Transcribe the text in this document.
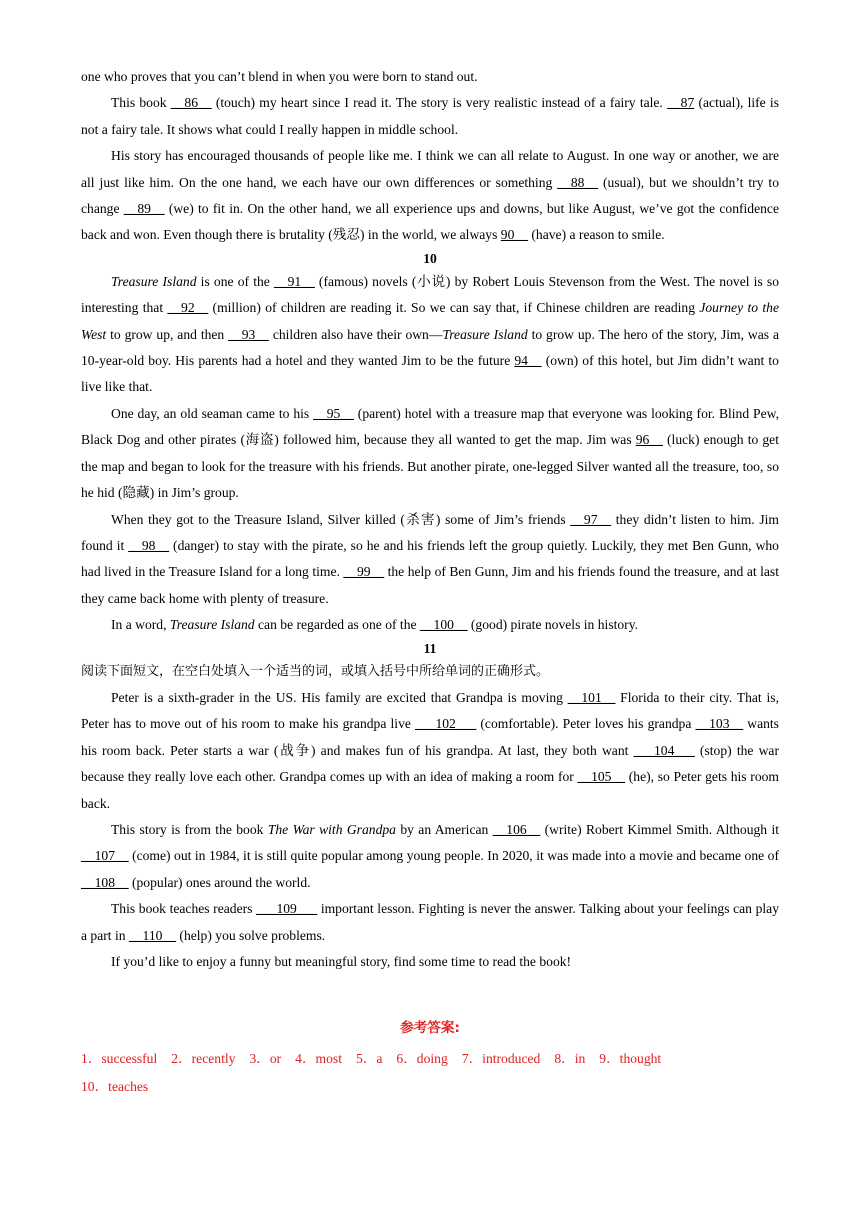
one who proves that you can’t blend in when you were born to stand out.

This book __86__ (touch) my heart since I read it. The story is very realistic instead of a fairy tale. __87 (actual), life is not a fairy tale. It shows what could I really happen in middle school.

His story has encouraged thousands of people like me. I think we can all relate to August. In one way or another, we are all just like him. On the one hand, we each have our own differences or something __88__ (usual), but we shouldn’t try to change __89__ (we) to fit in. On the other hand, we all experience ups and downs, but like August, we’ve got the confidence back and won. Even though there is brutality (残忍) in the world, we always 90__ (have) a reason to smile.

10

Treasure Island is one of the __91__ (famous) novels (小说) by Robert Louis Stevenson from the West. The novel is so interesting that __92__ (million) of children are reading it. So we can say that, if Chinese children are reading Journey to the West to grow up, and then __93__ children also have their own—Treasure Island to grow up. The hero of the story, Jim, was a 10-year-old boy. His parents had a hotel and they wanted Jim to be the future 94__ (own) of this hotel, but Jim didn’t want to live like that.

One day, an old seaman came to his __95__ (parent) hotel with a treasure map that everyone was looking for. Blind Pew, Black Dog and other pirates (海盗) followed him, because they all wanted to get the map. Jim was 96__ (luck) enough to get the map and began to look for the treasure with his friends. But another pirate, one-legged Silver wanted all the treasure, too, so he hid (隐藏) in Jim’s group.

When they got to the Treasure Island, Silver killed (杀害) some of Jim’s friends __97__ they didn’t listen to him. Jim found it __98__ (danger) to stay with the pirate, so he and his friends left the group quietly. Luckily, they met Ben Gunn, who had lived in the Treasure Island for a long time. __99__ the help of Ben Gunn, Jim and his friends found the treasure, and at last they came back home with plenty of treasure.

In a word, Treasure Island can be regarded as one of the __100__ (good) pirate novels in history.

11

阅读下面短文，在空白处填入一个适当的词，或填入括号中所给单词的正确形式。

Peter is a sixth-grader in the US. His family are excited that Grandpa is moving __101__ Florida to their city. That is, Peter has to move out of his room to make his grandpa live ___102___ (comfortable). Peter loves his grandpa __103__ wants his room back. Peter starts a war (战争) and makes fun of his grandpa. At last, they both want ___104___ (stop) the war because they really love each other. Grandpa comes up with an idea of making a room for __105__ (he), so Peter gets his room back.

This story is from the book The War with Grandpa by an American __106__ (write) Robert Kimmel Smith. Although it __107__ (come) out in 1984, it is still quite popular among young people. In 2020, it was made into a movie and became one of __108__ (popular) ones around the world.

This book teaches readers ___109___ important lesson. Fighting is never the answer. Talking about your feelings can play a part in __110__ (help) you solve problems.

If you’d like to enjoy a funny but meaningful story, find some time to read the book!

参考答案:
1．successful 2．recently 3．or 4．most 5．a 6．doing 7．introduced 8．in 9．thought
10．teaches
